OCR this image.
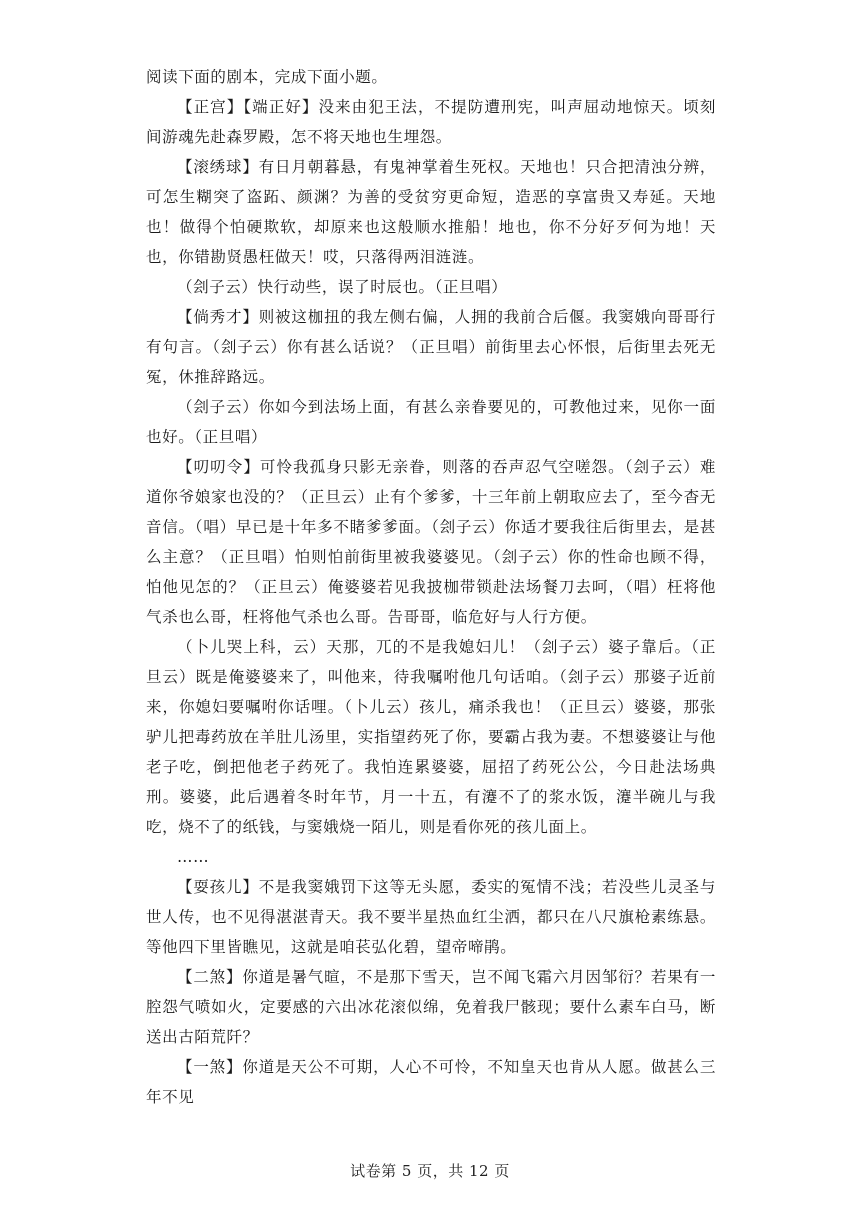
阅读下面的剧本，完成下面小题。

【正宫】【端正好】没来由犯王法，不提防遭刑宪，叫声屈动地惊天。顷刻间游魂先赴森罗殿，怎不将天地也生埋怨。

【滚绣球】有日月朝暮悬，有鬼神掌着生死权。天地也！只合把清浊分辨，可怎生糊突了盗跖、颜渊？为善的受贫穷更命短，造恶的享富贵又寿延。天地也！做得个怕硬欺软，却原来也这般顺水推船！地也，你不分好歹何为地！天也，你错勘贤愚枉做天！哎，只落得两泪涟涟。

（刽子云）快行动些，误了时辰也。（正旦唱）

【倘秀才】则被这枷扭的我左侧右偏，人拥的我前合后偃。我窦娥向哥哥行有句言。（刽子云）你有甚么话说？（正旦唱）前街里去心怀恨，后街里去死无冤，休推辞路远。

（刽子云）你如今到法场上面，有甚么亲眷要见的，可教他过来，见你一面也好。（正旦唱）

【叨叨令】可怜我孤身只影无亲眷，则落的吞声忍气空嗟怨。（刽子云）难道你爷娘家也没的？（正旦云）止有个爹爹，十三年前上朝取应去了，至今杳无音信。（唱）早已是十年多不睹爹爹面。（刽子云）你适才要我往后街里去，是甚么主意？（正旦唱）怕则怕前街里被我婆婆见。（刽子云）你的性命也顾不得，怕他见怎的？（正旦云）俺婆婆若见我披枷带锁赴法场餐刀去呵，（唱）枉将他气杀也么哥，枉将他气杀也么哥。告哥哥，临危好与人行方便。

（卜儿哭上科，云）天那，兀的不是我媳妇儿！（刽子云）婆子靠后。（正旦云）既是俺婆婆来了，叫他来，待我嘱咐他几句话咱。（刽子云）那婆子近前来，你媳妇要嘱咐你话哩。（卜儿云）孩儿，痛杀我也！（正旦云）婆婆，那张驴儿把毒药放在羊肚儿汤里，实指望药死了你，要霸占我为妻。不想婆婆让与他老子吃，倒把他老子药死了。我怕连累婆婆，屈招了药死公公，今日赴法场典刑。婆婆，此后遇着冬时年节，月一十五，有瀽不了的浆水饭，瀽半碗儿与我吃，烧不了的纸钱，与窦娥烧一陌儿，则是看你死的孩儿面上。

……

【耍孩儿】不是我窦娥罚下这等无头愿，委实的冤情不浅；若没些儿灵圣与世人传，也不见得湛湛青天。我不要半星热血红尘洒，都只在八尺旗枪素练悬。等他四下里皆瞧见，这就是咱苌弘化碧，望帝啼鹃。

【二煞】你道是暑气暄，不是那下雪天，岂不闻飞霜六月因邹衍？若果有一腔怨气喷如火，定要感的六出冰花滚似绵，免着我尸骸现；要什么素车白马，断送出古陌荒阡？

【一煞】你道是天公不可期，人心不可怜，不知皇天也肯从人愿。做甚么三年不见

试卷第 5 页，共 12 页
